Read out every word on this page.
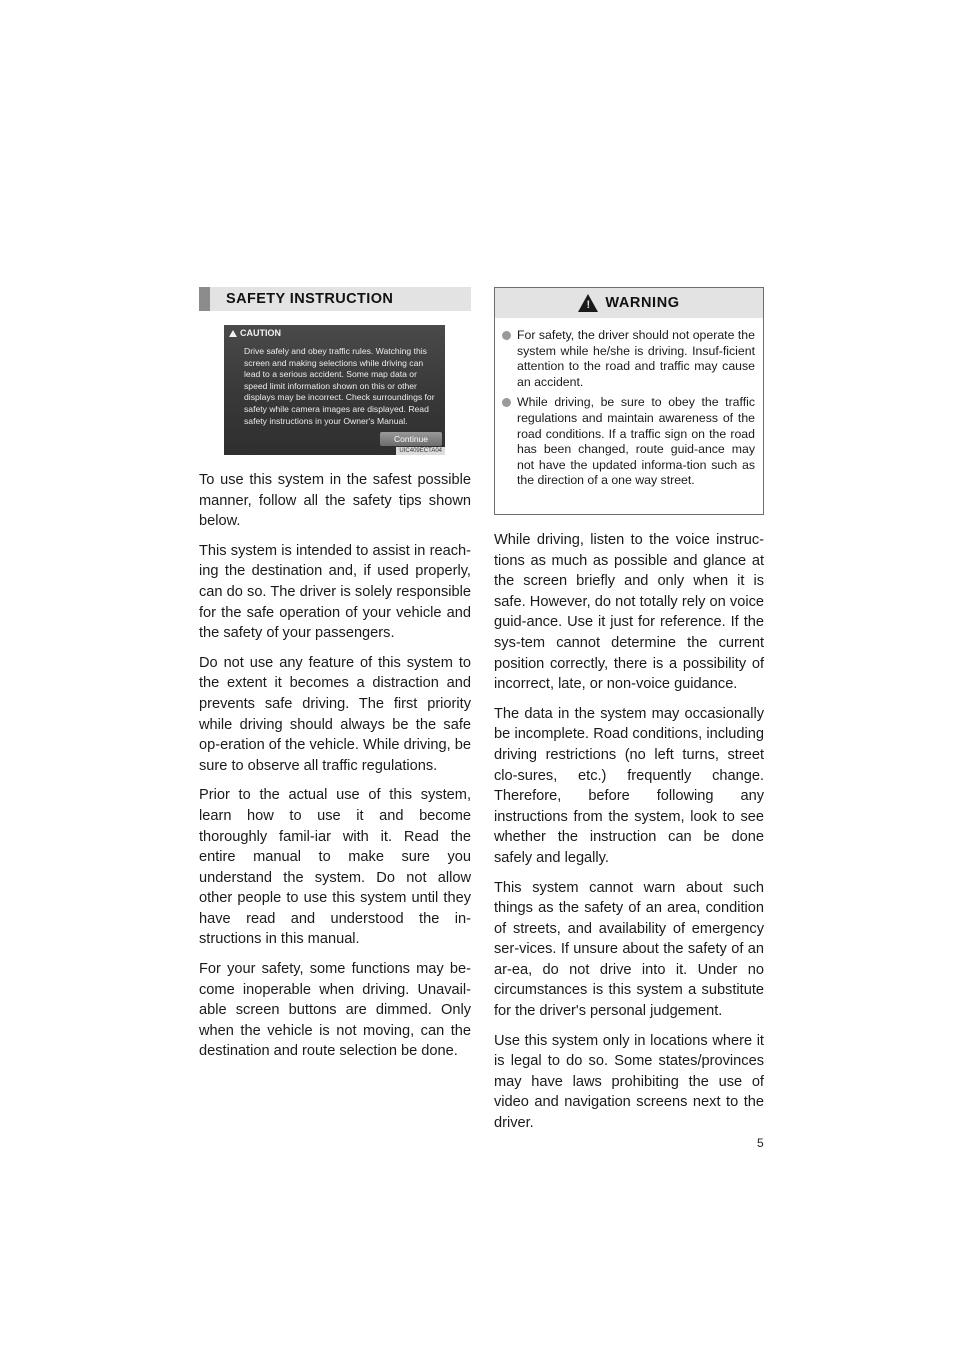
SAFETY INSTRUCTION
CAUTION
Drive safely and obey traffic rules. Watching this screen and making selections while driving can lead to a serious accident. Some map data or speed limit information shown on this or other displays may be incorrect. Check surroundings for safety while camera images are displayed. Read safety instructions in your Owner's Manual.
Continue
UIC409ECTA04

To use this system in the safest possible manner, follow all the safety tips shown below.

This system is intended to assist in reach-ing the destination and, if used properly, can do so. The driver is solely responsible for the safe operation of your vehicle and the safety of your passengers.

Do not use any feature of this system to the extent it becomes a distraction and prevents safe driving. The first priority while driving should always be the safe op-eration of the vehicle. While driving, be sure to observe all traffic regulations.

Prior to the actual use of this system, learn how to use it and become thoroughly famil-iar with it. Read the entire manual to make sure you understand the system. Do not allow other people to use this system until they have read and understood the in-structions in this manual.

For your safety, some functions may be-come inoperable when driving. Unavail-able screen buttons are dimmed. Only when the vehicle is not moving, can the destination and route selection be done.

!	WARNING
For safety, the driver should not operate the system while he/she is driving. Insuf-ficient attention to the road and traffic may cause an accident.
While driving, be sure to obey the traffic regulations and maintain awareness of the road conditions. If a traffic sign on the road has been changed, route guid-ance may not have the updated informa-tion such as the direction of a one way street.

While driving, listen to the voice instruc-tions as much as possible and glance at the screen briefly and only when it is safe. However, do not totally rely on voice guid-ance. Use it just for reference. If the sys-tem cannot determine the current position correctly, there is a possibility of incorrect, late, or non-voice guidance.

The data in the system may occasionally be incomplete. Road conditions, including driving restrictions (no left turns, street clo-sures, etc.) frequently change. Therefore, before following any instructions from the system, look to see whether the instruction can be done safely and legally.

This system cannot warn about such things as the safety of an area, condition of streets, and availability of emergency ser-vices. If unsure about the safety of an ar-ea, do not drive into it. Under no circumstances is this system a substitute for the driver's personal judgement.

Use this system only in locations where it is legal to do so. Some states/provinces may have laws prohibiting the use of video and navigation screens next to the driver.

5
